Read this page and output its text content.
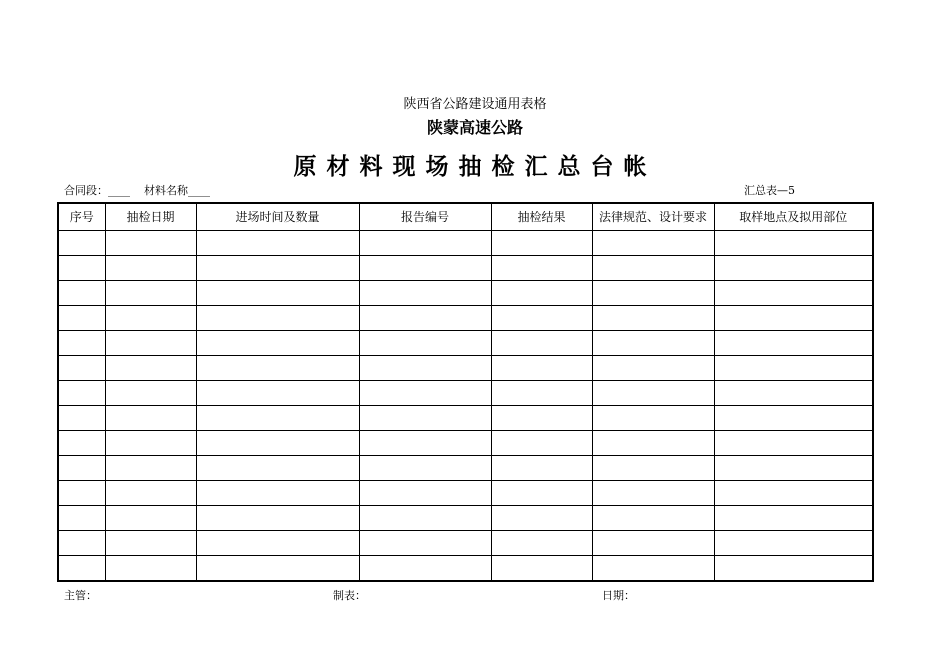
陕西省公路建设通用表格
陕蒙高速公路
原材料现场抽检汇总台帐
合同段：____ 材料名称____	汇总表—5
序号	抽检日期	进场时间及数量	报告编号	抽检结果	法律规范、设计要求	取样地点及拟用部位

主管：	制表：	日期：
